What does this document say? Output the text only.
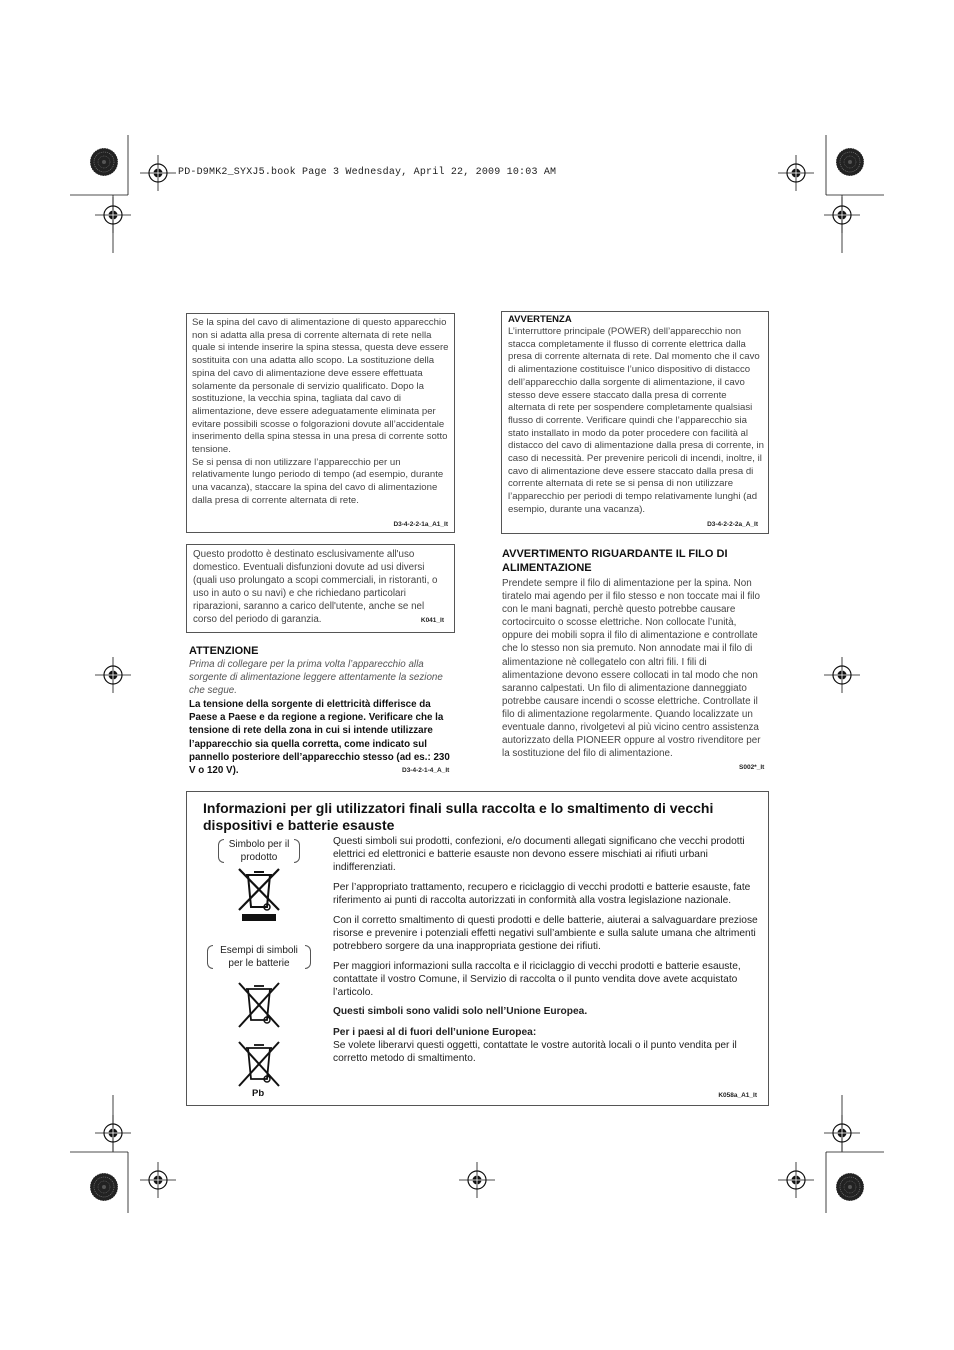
PD-D9MK2_SYXJ5.book Page 3 Wednesday, April 22, 2009 10:03 AM

Se la spina del cavo di alimentazione di questo apparecchio non si adatta alla presa di corrente alternata di rete nella quale si intende inserire la spina stessa, questa deve essere sostituita con una adatta allo scopo. La sostituzione della spina del cavo di alimentazione deve essere effettuata solamente da personale di servizio qualificato. Dopo la sostituzione, la vecchia spina, tagliata dal cavo di alimentazione, deve essere adeguatamente eliminata per evitare possibili scosse o folgorazioni dovute all’accidentale inserimento della spina stessa in una presa di corrente sotto tensione.

Se si pensa di non utilizzare l’apparecchio per un relativamente lungo periodo di tempo (ad esempio, durante una vacanza), staccare la spina del cavo di alimentazione dalla presa di corrente alternata di rete.

D3-4-2-2-1a_A1_It
Questo prodotto è destinato esclusivamente all'uso domestico. Eventuali disfunzioni dovute ad usi diversi (quali uso prolungato a scopi commerciali, in ristoranti, o uso in auto o su navi) e che richiedano particolari riparazioni, saranno a carico dell'utente, anche se nel corso del periodo di garanzia.	K041_It
ATTENZIONE
Prima di collegare per la prima volta l’apparecchio alla sorgente di alimentazione leggere attentamente la sezione che segue.
La tensione della sorgente di elettricità differisce da Paese a Paese e da regione a regione. Verificare che la tensione di rete della zona in cui si intende utilizzare l’apparecchio sia quella corretta, come indicato sul pannello posteriore dell’apparecchio stesso (ad es.: 230 V o 120 V).	D3-4-2-1-4_A_It
AVVERTENZA
L’interruttore principale (POWER) dell’apparecchio non stacca completamente il flusso di corrente elettrica dalla presa di corrente alternata di rete. Dal momento che il cavo di alimentazione costituisce l’unico dispositivo di distacco dell’apparecchio dalla sorgente di alimentazione, il cavo stesso deve essere staccato dalla presa di corrente alternata di rete per sospendere completamente qualsiasi flusso di corrente. Verificare quindi che l’apparecchio sia stato installato in modo da poter procedere con facilità al distacco del cavo di alimentazione dalla presa di corrente, in caso di necessità. Per prevenire pericoli di incendi, inoltre, il cavo di alimentazione deve essere staccato dalla presa di corrente alternata di rete se si pensa di non utilizzare l’apparecchio per periodi di tempo relativamente lunghi (ad esempio, durante una vacanza).
D3-4-2-2-2a_A_It
AVVERTIMENTO RIGUARDANTE IL FILO DI ALIMENTAZIONE
Prendete sempre il filo di alimentazione per la spina. Non tiratelo mai agendo per il filo stesso e non toccate mai il filo con le mani bagnati, perchè questo potrebbe causare cortocircuito o scosse elettriche. Non collocate l’unità, oppure dei mobili sopra il filo di alimentazione e controllate che lo stesso non sia premuto. Non annodate mai il filo di alimentazione nè collegatelo con altri fili. I fili di alimentazione devono essere collocati in tal modo che non saranno calpestati. Un filo di alimentazione danneggiato potrebbe causare incendi o scosse elettriche. Controllate il filo di alimentazione regolarmente. Quando localizzate un eventuale danno, rivolgetevi al più vicino centro assistenza autorizzato della PIONEER oppure al vostro rivenditore per la sostituzione del filo di alimentazione.
S002*_It
Informazioni per gli utilizzatori finali sulla raccolta e lo smaltimento di vecchi dispositivi e batterie esauste
Simbolo per il prodotto
Esempi di simboli per le batterie
Pb

Questi simboli sui prodotti, confezioni, e/o documenti allegati significano che vecchi prodotti elettrici ed elettronici e batterie esauste non devono essere mischiati ai rifiuti urbani indifferenziati.

Per l’appropriato trattamento, recupero e riciclaggio di vecchi prodotti e batterie esauste, fate riferimento ai punti di raccolta autorizzati in conformità alla vostra legislazione nazionale.

Con il corretto smaltimento di questi prodotti e delle batterie, aiuterai a salvaguardare preziose risorse e prevenire i potenziali effetti negativi sull’ambiente e sulla salute umana che altrimenti potrebbero sorgere da una inappropriata gestione dei rifiuti.

Per maggiori informazioni sulla raccolta e il riciclaggio di vecchi prodotti e batterie esauste, contattate il vostro Comune, il Servizio di raccolta o il punto vendita dove avete acquistato l’articolo.

Questi simboli sono validi solo nell’Unione Europea.

Per i paesi al di fuori dell’unione Europea:

Se volete liberarvi questi oggetti, contattate le vostre autorità locali o il punto vendita per il corretto metodo di smaltimento.

K058a_A1_It
